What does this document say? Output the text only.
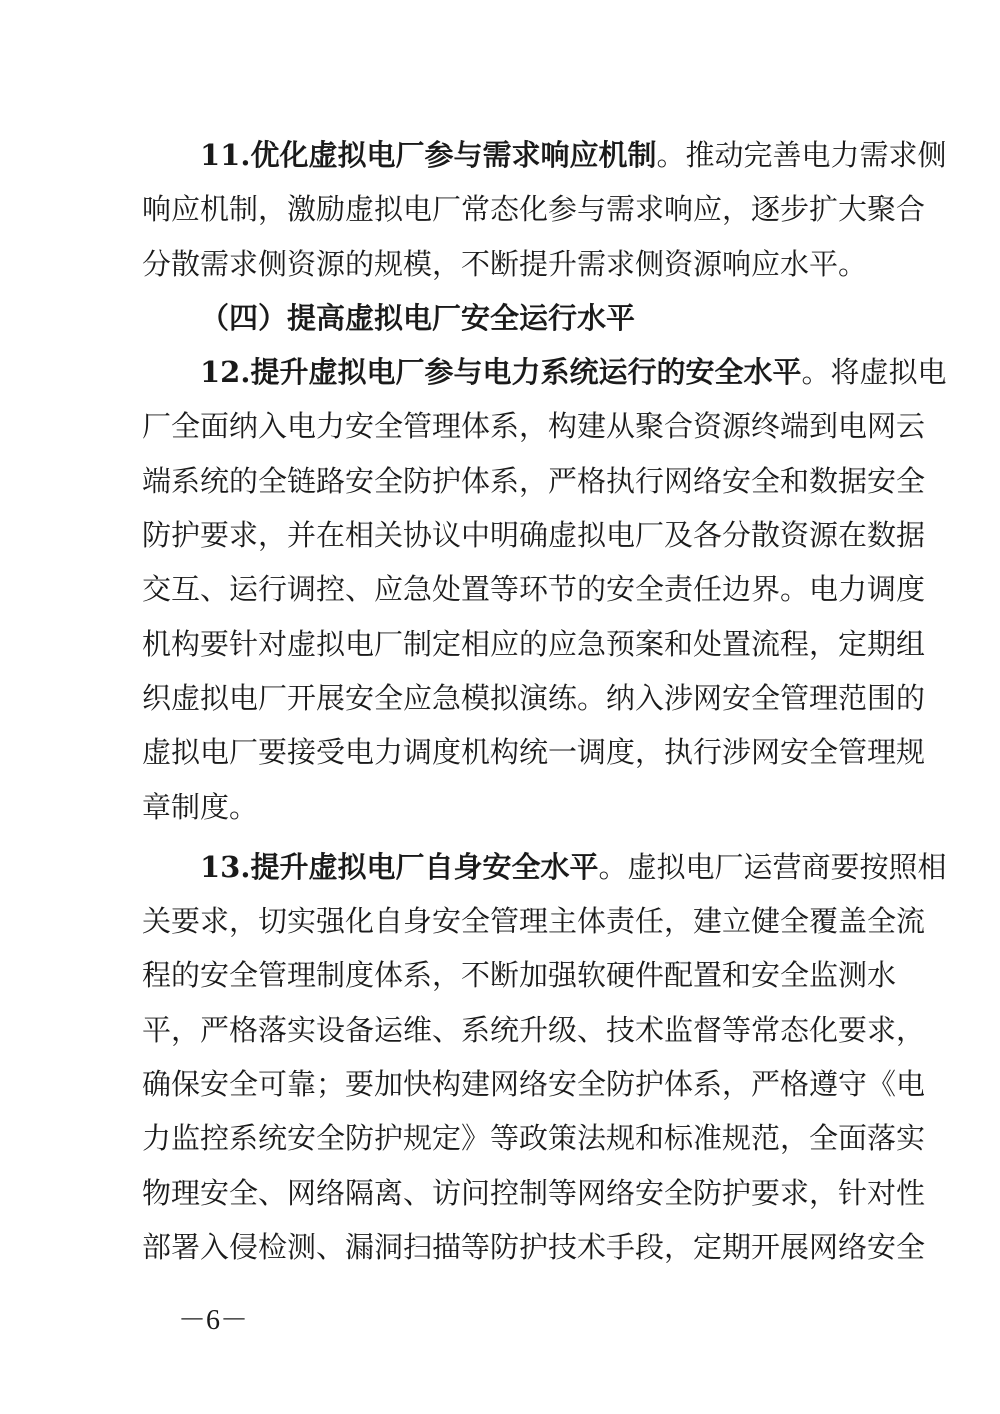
11.优化虚拟电厂参与需求响应机制。推动完善电力需求侧
响应机制，激励虚拟电厂常态化参与需求响应，逐步扩大聚合
分散需求侧资源的规模，不断提升需求侧资源响应水平。
（四）提高虚拟电厂安全运行水平
12.提升虚拟电厂参与电力系统运行的安全水平。将虚拟电
厂全面纳入电力安全管理体系，构建从聚合资源终端到电网云
端系统的全链路安全防护体系，严格执行网络安全和数据安全
防护要求，并在相关协议中明确虚拟电厂及各分散资源在数据
交互、运行调控、应急处置等环节的安全责任边界。电力调度
机构要针对虚拟电厂制定相应的应急预案和处置流程，定期组
织虚拟电厂开展安全应急模拟演练。纳入涉网安全管理范围的
虚拟电厂要接受电力调度机构统一调度，执行涉网安全管理规
章制度。
13.提升虚拟电厂自身安全水平。虚拟电厂运营商要按照相
关要求，切实强化自身安全管理主体责任，建立健全覆盖全流
程的安全管理制度体系，不断加强软硬件配置和安全监测水
平，严格落实设备运维、系统升级、技术监督等常态化要求，
确保安全可靠；要加快构建网络安全防护体系，严格遵守《电
力监控系统安全防护规定》等政策法规和标准规范，全面落实
物理安全、网络隔离、访问控制等网络安全防护要求，针对性
部署入侵检测、漏洞扫描等防护技术手段，定期开展网络安全
－6－
